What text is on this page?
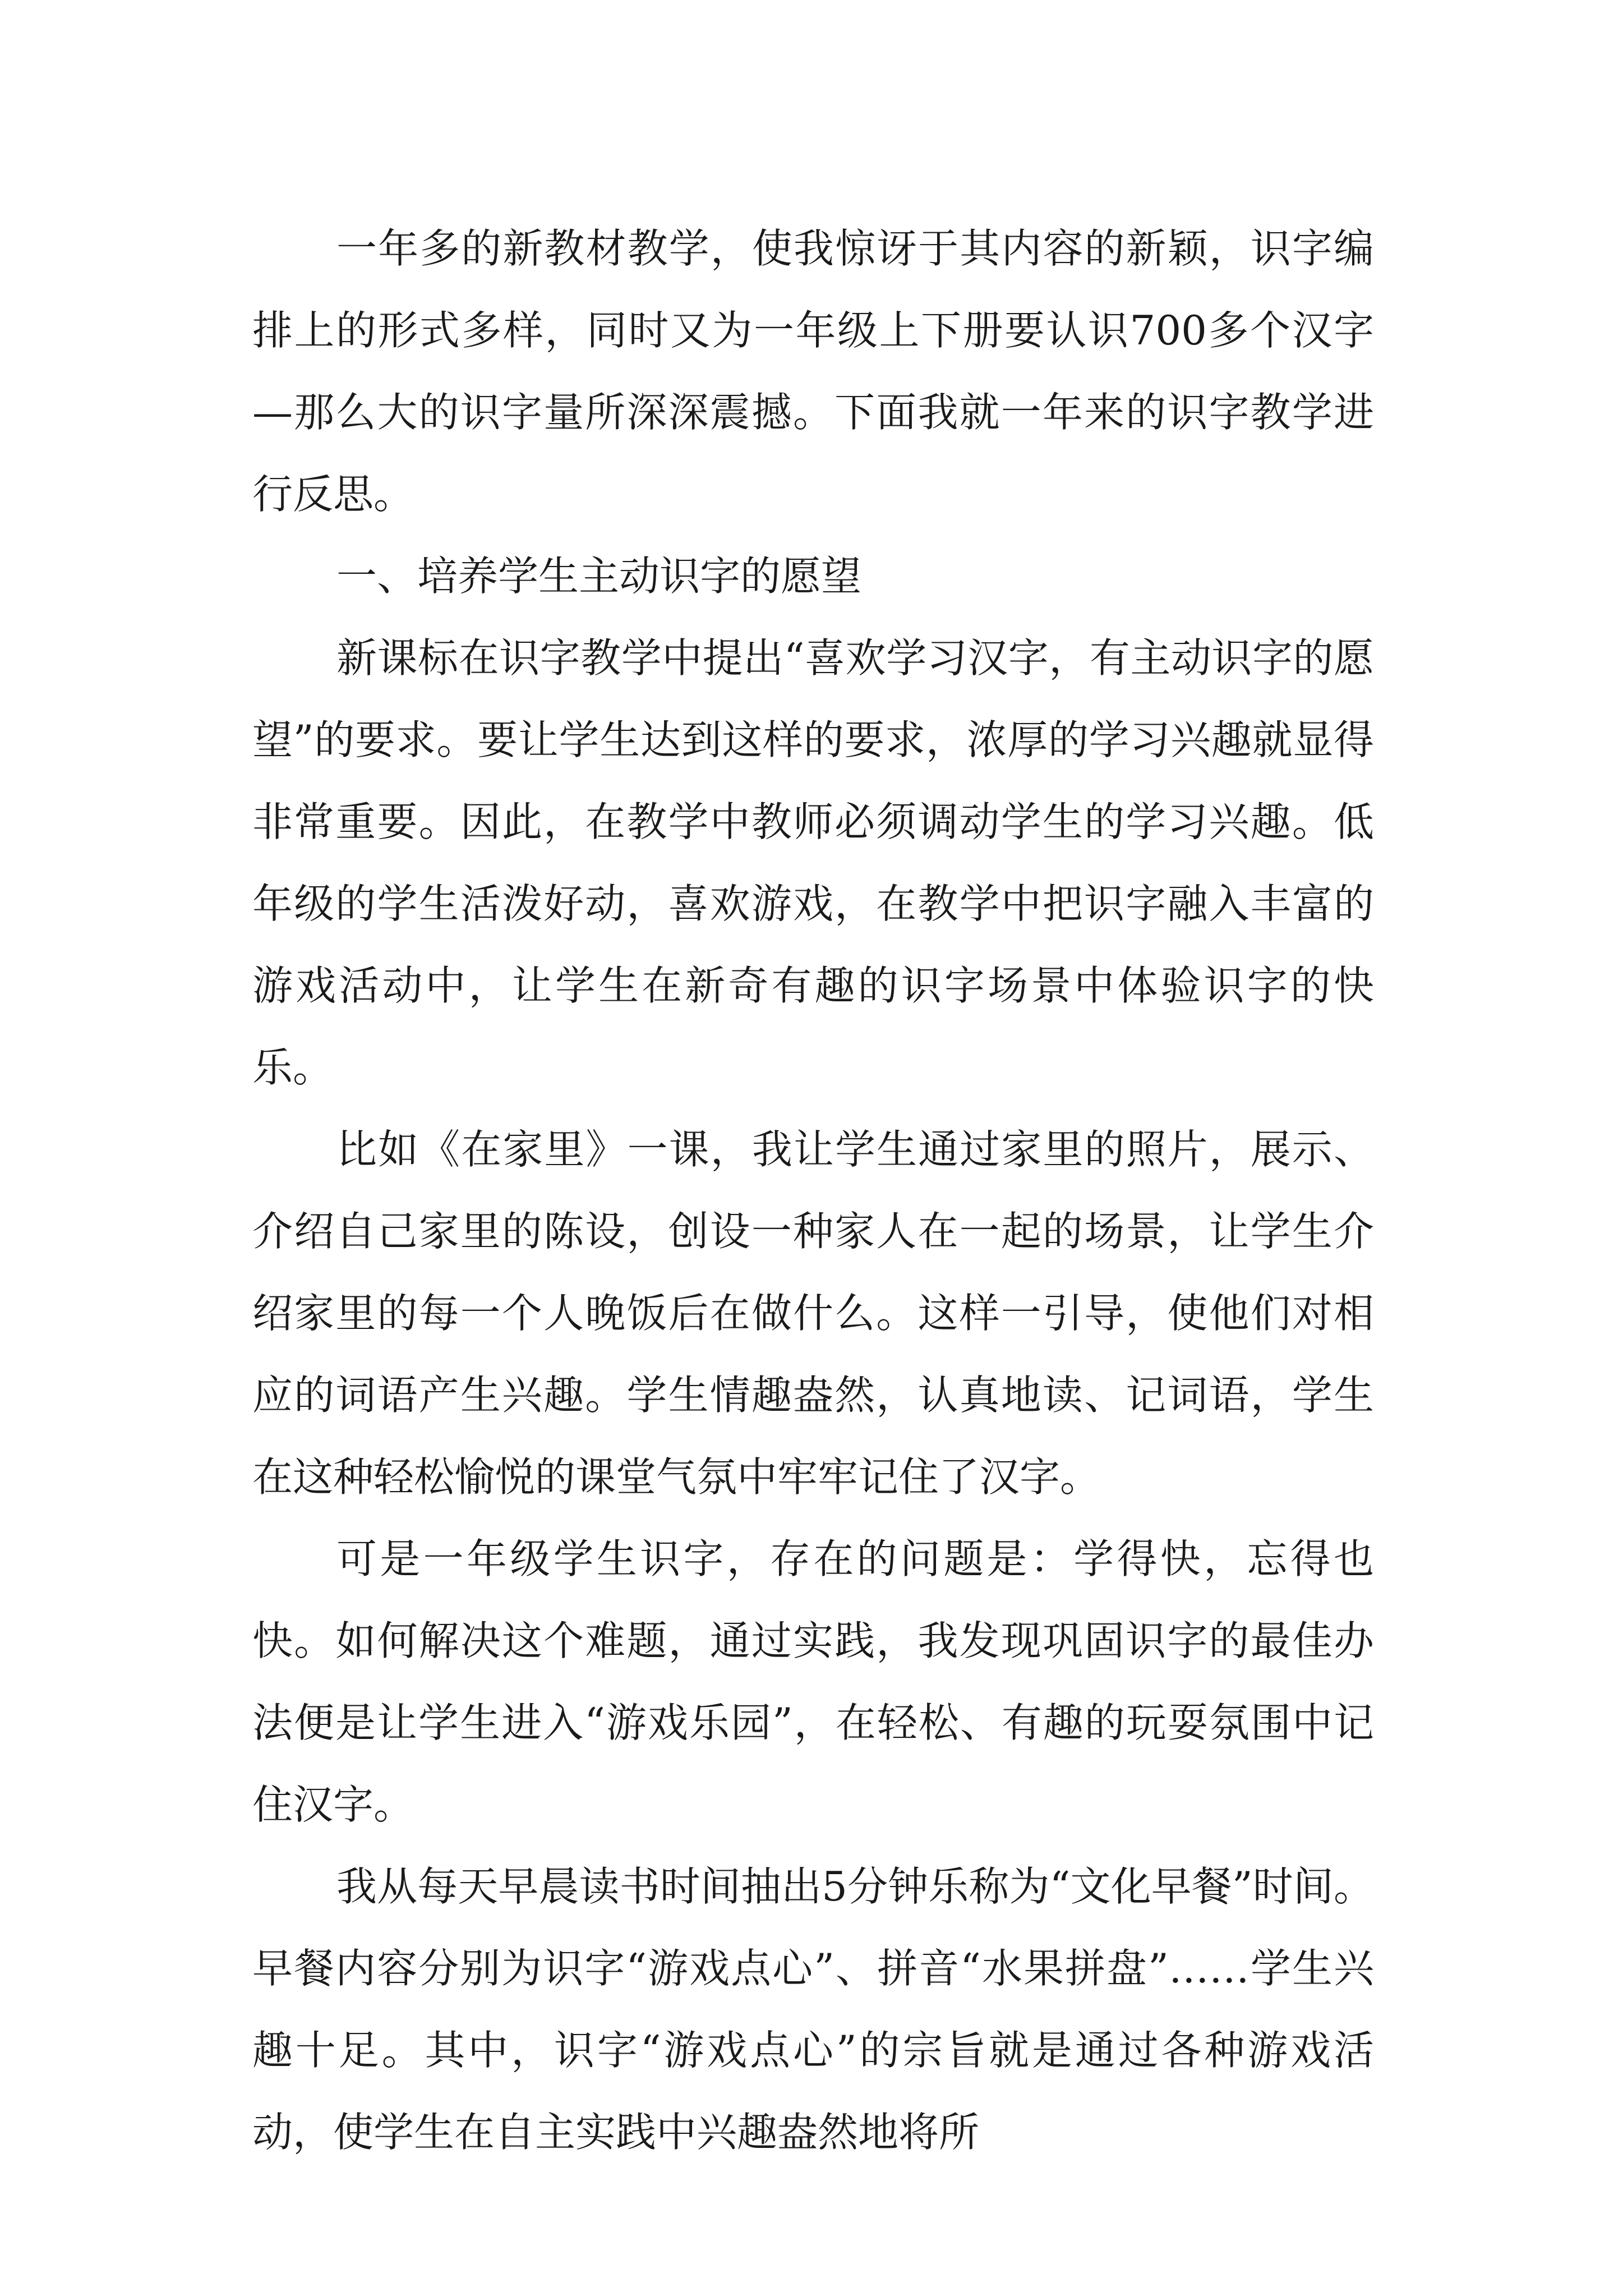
一年多的新教材教学，使我惊讶于其内容的新颖，识字编排上的形式多样，同时又为一年级上下册要认识700多个汉字—那么大的识字量所深深震撼。下面我就一年来的识字教学进行反思。

一、培养学生主动识字的愿望

新课标在识字教学中提出“喜欢学习汉字，有主动识字的愿望”的要求。要让学生达到这样的要求，浓厚的学习兴趣就显得非常重要。因此，在教学中教师必须调动学生的学习兴趣。低年级的学生活泼好动，喜欢游戏，在教学中把识字融入丰富的游戏活动中，让学生在新奇有趣的识字场景中体验识字的快乐。

比如《在家里》一课，我让学生通过家里的照片，展示、介绍自己家里的陈设，创设一种家人在一起的场景，让学生介绍家里的每一个人晚饭后在做什么。这样一引导，使他们对相应的词语产生兴趣。学生情趣盎然，认真地读、记词语，学生在这种轻松愉悦的课堂气氛中牢牢记住了汉字。

可是一年级学生识字，存在的问题是：学得快，忘得也快。如何解决这个难题，通过实践，我发现巩固识字的最佳办法便是让学生进入“游戏乐园”，在轻松、有趣的玩耍氛围中记住汉字。

我从每天早晨读书时间抽出5分钟乐称为“文化早餐”时间。早餐内容分别为识字“游戏点心”、拼音“水果拼盘”……学生兴趣十足。其中，识字“游戏点心”的宗旨就是通过各种游戏活动，使学生在自主实践中兴趣盎然地将所
